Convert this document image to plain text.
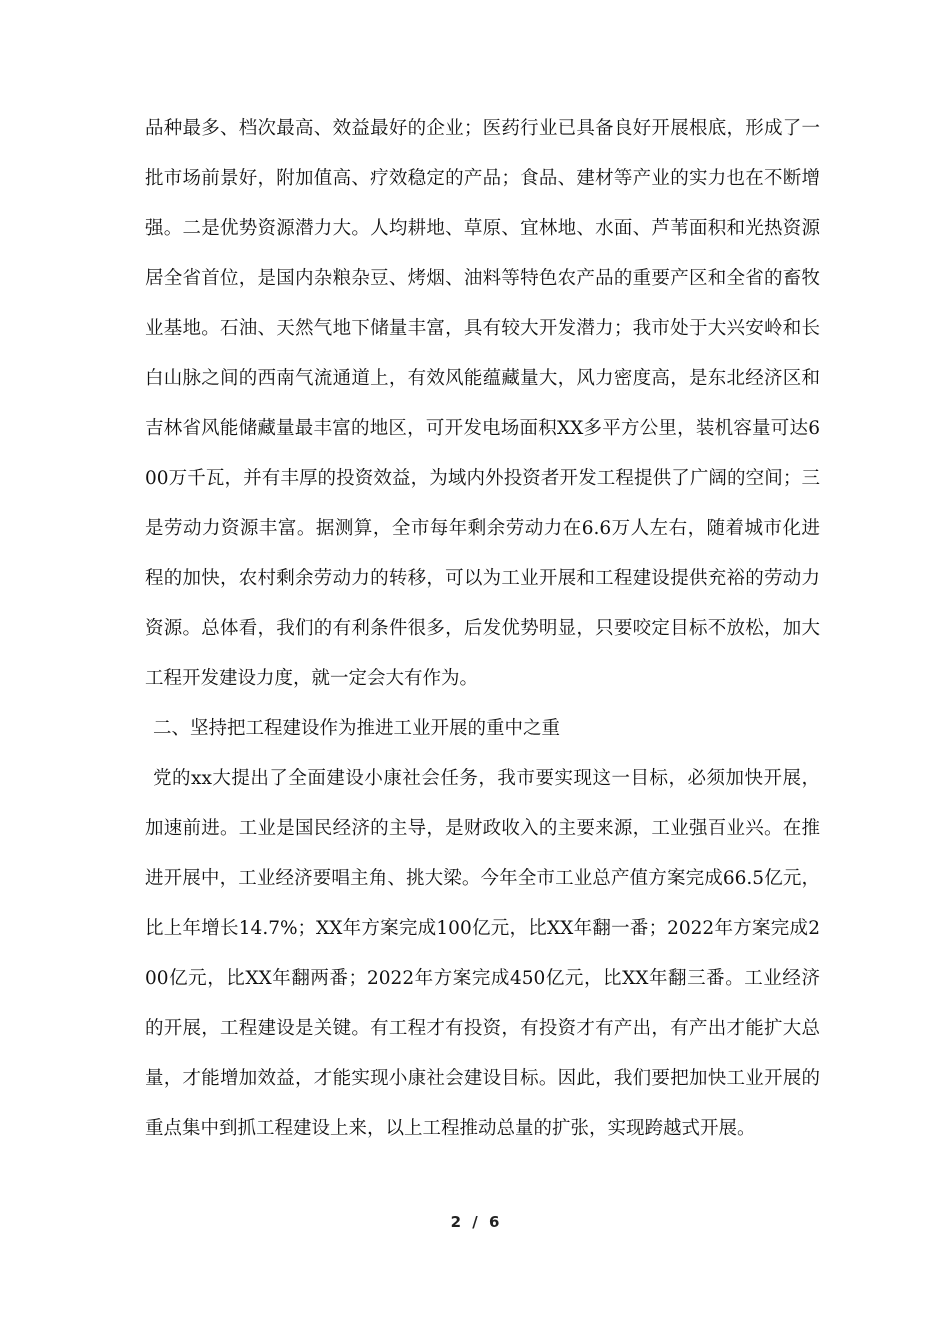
品种最多、档次最高、效益最好的企业；医药行业已具备良好开展根底，形成了一批市场前景好，附加值高、疗效稳定的产品；食品、建材等产业的实力也在不断增强。二是优势资源潜力大。人均耕地、草原、宜林地、水面、芦苇面积和光热资源居全省首位，是国内杂粮杂豆、烤烟、油料等特色农产品的重要产区和全省的畜牧业基地。石油、天然气地下储量丰富，具有较大开发潜力；我市处于大兴安岭和长白山脉之间的西南气流通道上，有效风能蕴藏量大，风力密度高，是东北经济区和吉林省风能储藏量最丰富的地区，可开发电场面积XX多平方公里，装机容量可达600万千瓦，并有丰厚的投资效益，为域内外投资者开发工程提供了广阔的空间；三是劳动力资源丰富。据测算，全市每年剩余劳动力在6.6万人左右，随着城市化进程的加快，农村剩余劳动力的转移，可以为工业开展和工程建设提供充裕的劳动力资源。总体看，我们的有利条件很多，后发优势明显，只要咬定目标不放松，加大工程开发建设力度，就一定会大有作为。

二、坚持把工程建设作为推进工业开展的重中之重

党的xx大提出了全面建设小康社会任务，我市要实现这一目标，必须加快开展，加速前进。工业是国民经济的主导，是财政收入的主要来源，工业强百业兴。在推进开展中，工业经济要唱主角、挑大梁。今年全市工业总产值方案完成66.5亿元，比上年增长14.7%；XX年方案完成100亿元，比XX年翻一番；2022年方案完成200亿元，比XX年翻两番；2022年方案完成450亿元，比XX年翻三番。工业经济的开展，工程建设是关键。有工程才有投资，有投资才有产出，有产出才能扩大总量，才能增加效益，才能实现小康社会建设目标。因此，我们要把加快工业开展的重点集中到抓工程建设上来，以上工程推动总量的扩张，实现跨越式开展。

2 / 6
